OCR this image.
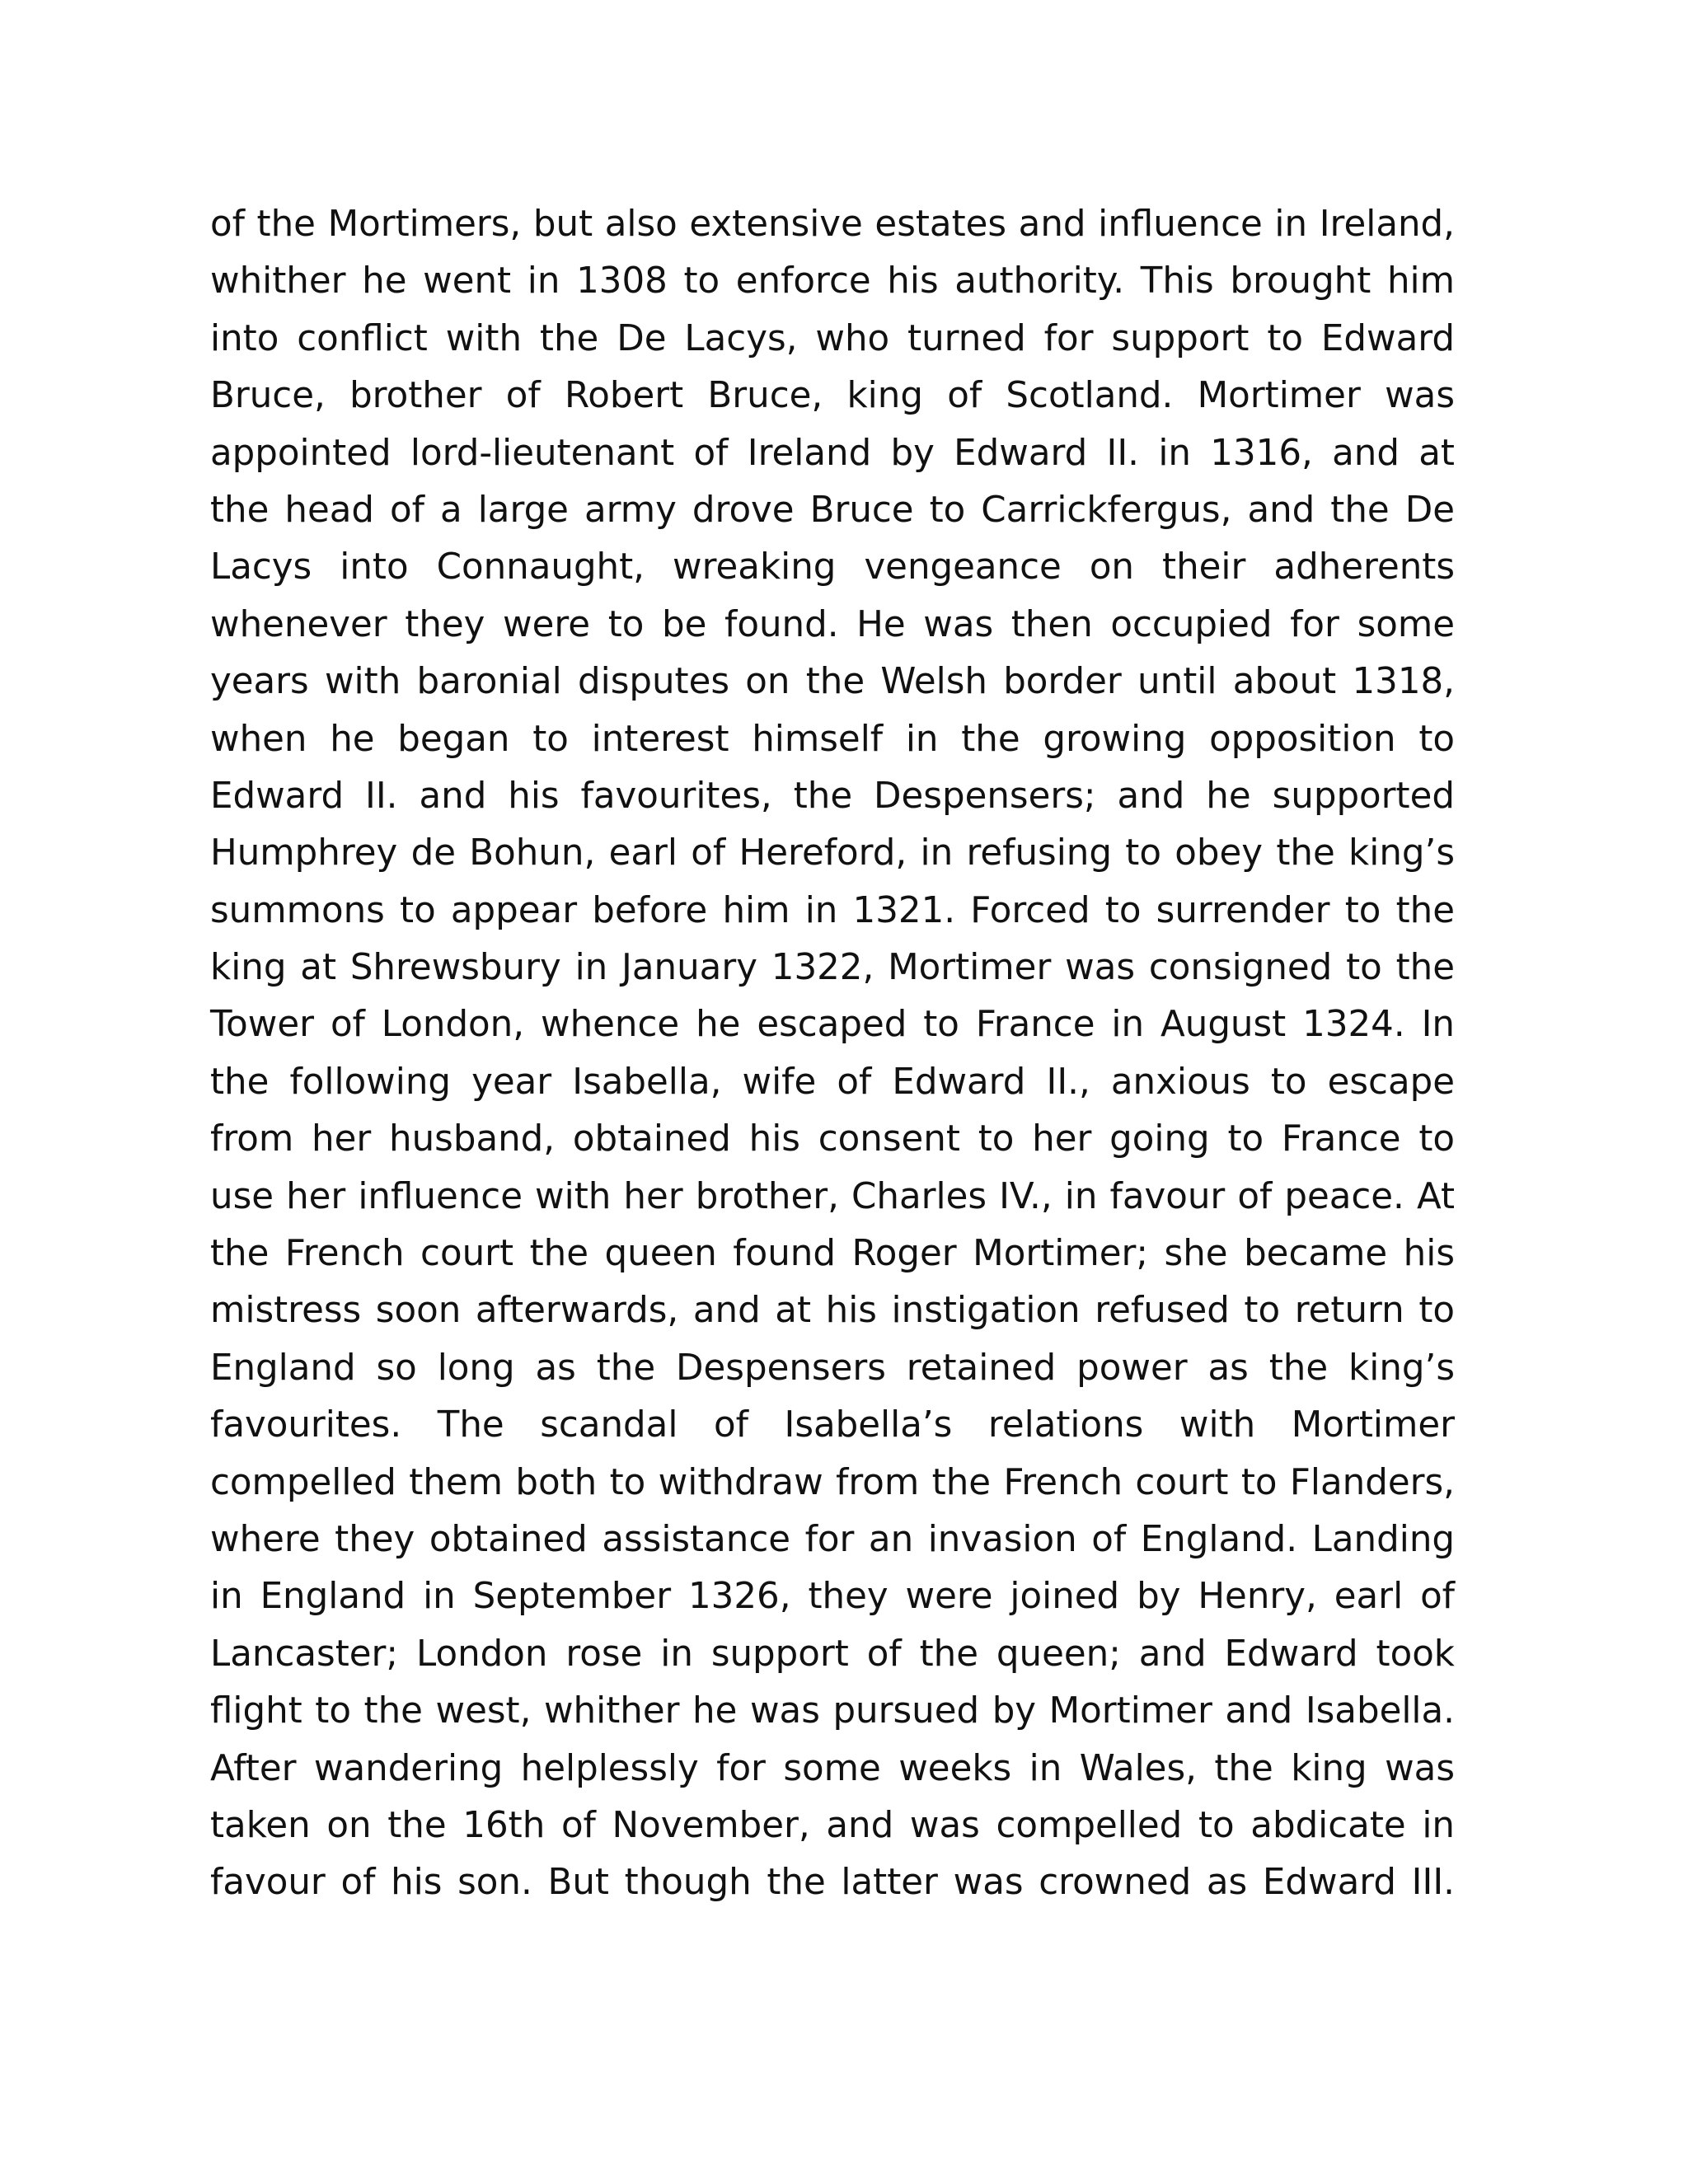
of the Mortimers, but also extensive estates and influence in Ireland,
whither he went in 1308 to enforce his authority. This brought him
into conflict with the De Lacys, who turned for support to Edward
Bruce, brother of Robert Bruce, king of Scotland. Mortimer was
appointed lord-lieutenant of Ireland by Edward II. in 1316, and at
the head of a large army drove Bruce to Carrickfergus, and the De
Lacys into Connaught, wreaking vengeance on their adherents
whenever they were to be found. He was then occupied for some
years with baronial disputes on the Welsh border until about 1318,
when he began to interest himself in the growing opposition to
Edward II. and his favourites, the Despensers; and he supported
Humphrey de Bohun, earl of Hereford, in refusing to obey the king’s
summons to appear before him in 1321. Forced to surrender to the
king at Shrewsbury in January 1322, Mortimer was consigned to the
Tower of London, whence he escaped to France in August 1324. In
the following year Isabella, wife of Edward II., anxious to escape
from her husband, obtained his consent to her going to France to
use her influence with her brother, Charles IV., in favour of peace. At
the French court the queen found Roger Mortimer; she became his
mistress soon afterwards, and at his instigation refused to return to
England so long as the Despensers retained power as the king’s
favourites. The scandal of Isabella’s relations with Mortimer
compelled them both to withdraw from the French court to Flanders,
where they obtained assistance for an invasion of England. Landing
in England in September 1326, they were joined by Henry, earl of
Lancaster; London rose in support of the queen; and Edward took
flight to the west, whither he was pursued by Mortimer and Isabella.
After wandering helplessly for some weeks in Wales, the king was
taken on the 16th of November, and was compelled to abdicate in
favour of his son. But though the latter was crowned as Edward III.
